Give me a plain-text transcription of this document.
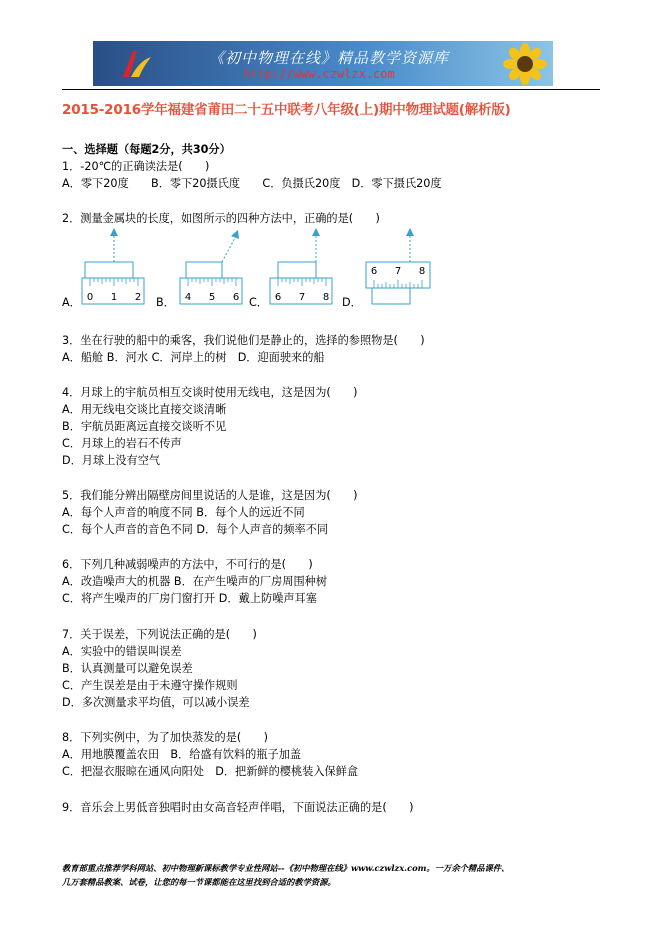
《初中物理在线》精品教学资源库
http://www.czwlzx.com
2015-2016学年福建省莆田二十五中联考八年级(上)期中物理试题(解析版)
一、选择题（每题2分，共30分）
1．-20℃的正确读法是(　　)
A．零下20度　　B．零下20摄氏度　　C．负摄氏20度　D．零下摄氏20度
2．测量金属块的长度，如图所示的四种方法中，正确的是(　　)
A．	B．	C．	D．
0 1 2	4 5 6	6 7 8
6 7 8
3．坐在行驶的船中的乘客，我们说他们是静止的，选择的参照物是(　　)
A．船舱 B．河水 C．河岸上的树　D．迎面驶来的船
4．月球上的宇航员相互交谈时使用无线电，这是因为(　　)
A．用无线电交谈比直接交谈清晰
B．宇航员距离远直接交谈听不见
C．月球上的岩石不传声
D．月球上没有空气
5．我们能分辨出隔壁房间里说话的人是谁，这是因为(　　)
A．每个人声音的响度不同 B．每个人的远近不同
C．每个人声音的音色不同 D．每个人声音的频率不同
6．下列几种减弱噪声的方法中，不可行的是(　　)
A．改造噪声大的机器 B．在产生噪声的厂房周围种树
C．将产生噪声的厂房门窗打开 D．戴上防噪声耳塞
7．关于误差，下列说法正确的是(　　)
A．实验中的错误叫误差
B．认真测量可以避免误差
C．产生误差是由于未遵守操作规则
D．多次测量求平均值，可以减小误差
8．下列实例中，为了加快蒸发的是(　　)
A．用地膜覆盖农田　B．给盛有饮料的瓶子加盖
C．把湿衣服晾在通风向阳处　D．把新鲜的樱桃装入保鲜盒
9．音乐会上男低音独唱时由女高音轻声伴唱，下面说法正确的是(　　)
教育部重点推荐学科网站、初中物理新课标教学专业性网站--《初中物理在线》www.czwlzx.com。一万余个精品课件、
几万套精品教案、试卷，让您的每一节课都能在这里找到合适的教学资源。
